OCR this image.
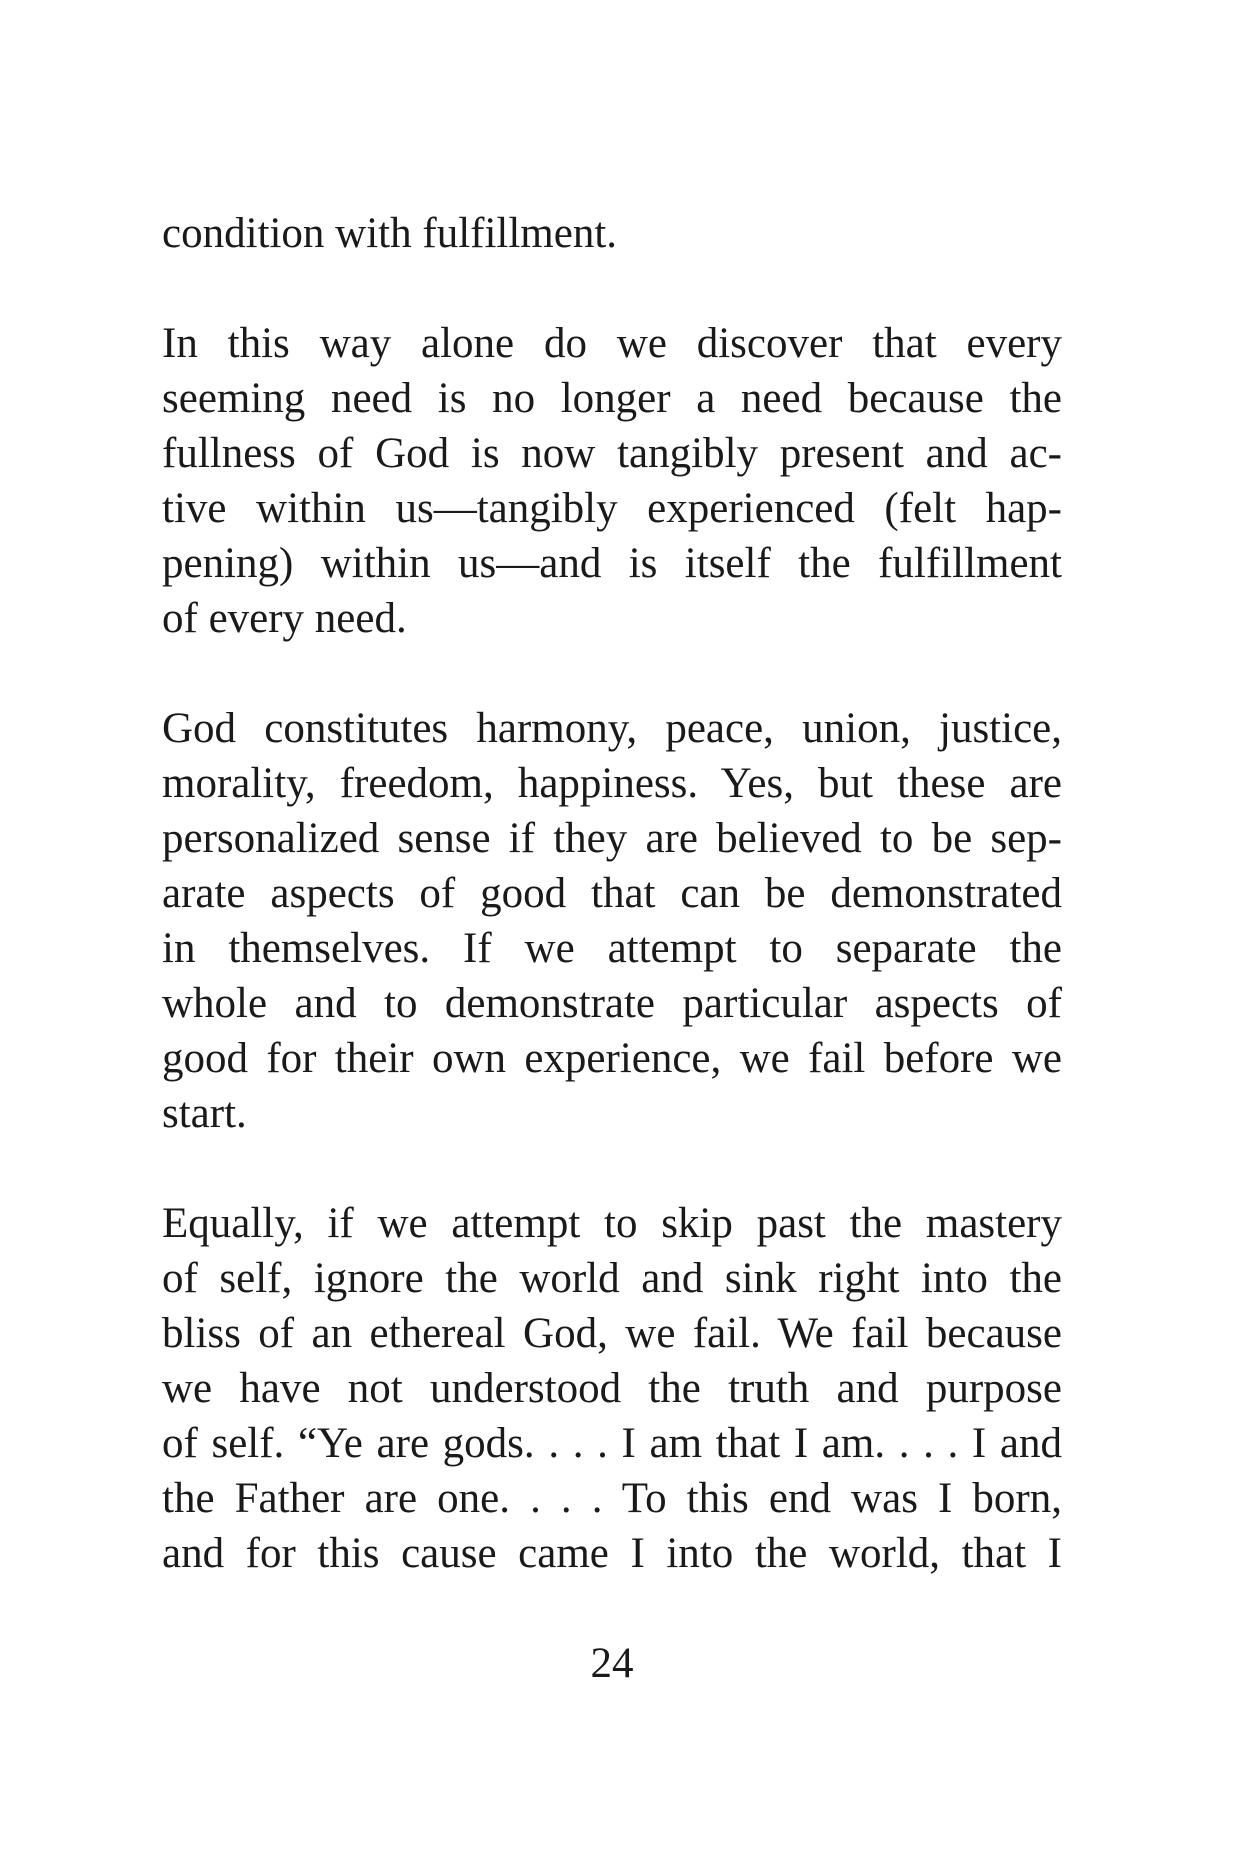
condition with fulfillment.
In this way alone do we discover that every
seeming need is no longer a need because the
fullness of God is now tangibly present and ac-
tive within us—tangibly experienced (felt hap-
pening) within us—and is itself the fulfillment
of every need.
God constitutes harmony, peace, union, justice,
morality, freedom, happiness. Yes, but these are
personalized sense if they are believed to be sep-
arate aspects of good that can be demonstrated
in themselves. If we attempt to separate the
whole and to demonstrate particular aspects of
good for their own experience, we fail before we
start.
Equally, if we attempt to skip past the mastery
of self, ignore the world and sink right into the
bliss of an ethereal God, we fail. We fail because
we have not understood the truth and purpose
of self. “Ye are gods. . . . I am that I am. . . . I and
the Father are one. . . . To this end was I born,
and for this cause came I into the world, that I
24
